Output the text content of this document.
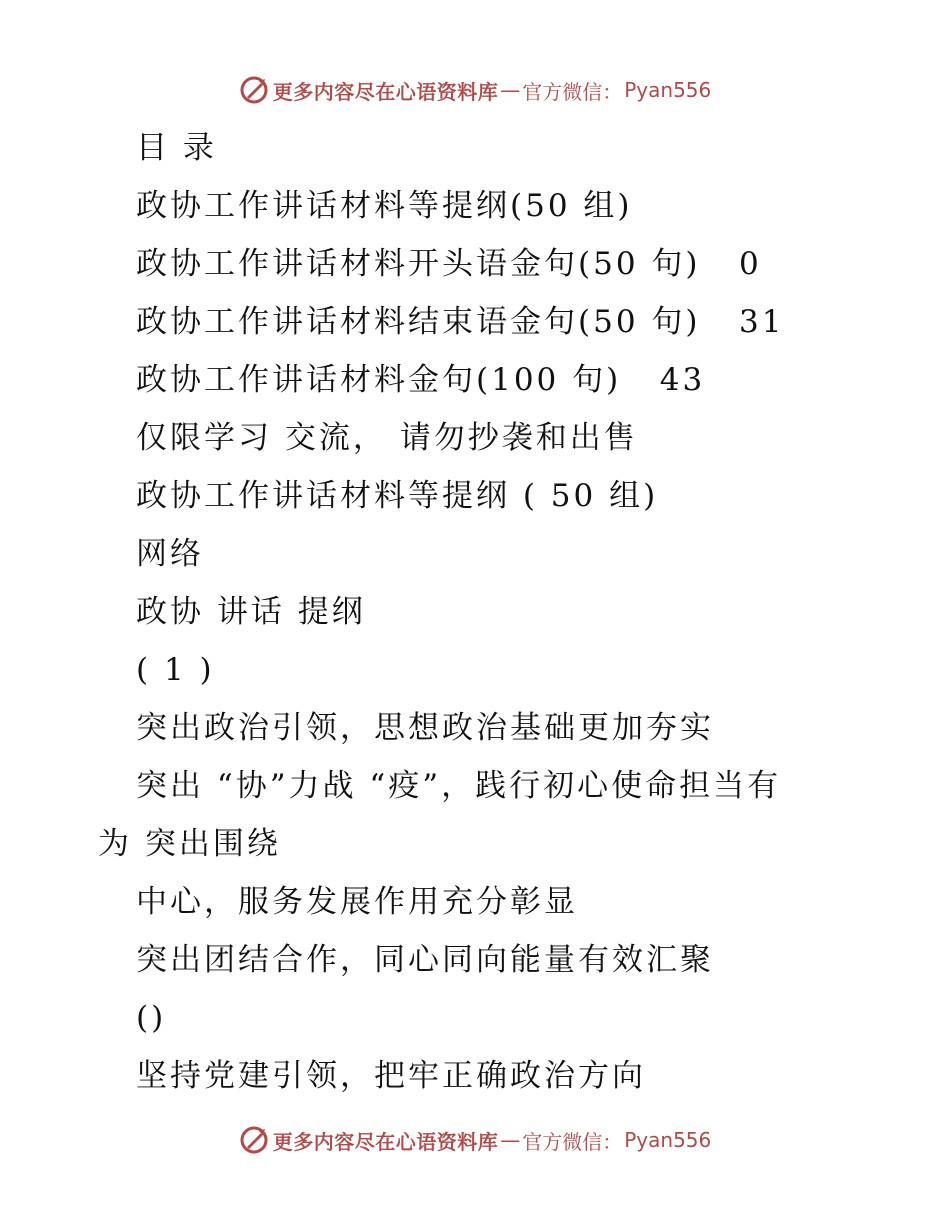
更多内容尽在心语资料库 — 官方微信： Pyan556
目 录
政协工作讲话材料等提纲(50 组)
政协工作讲话材料开头语金句(50 句)   0
政协工作讲话材料结束语金句(50 句)   31
政协工作讲话材料金句(100 句)   43
仅限学习 交流， 请勿抄袭和出售
政协工作讲话材料等提纲 ( 50 组)
网络
政协 讲话 提纲
( 1 )
突出政治引领，思想政治基础更加夯实
突出 “协”力战 “疫”，践行初心使命担当有
为 突出围绕
中心，服务发展作用充分彰显
突出团结合作，同心同向能量有效汇聚
()
坚持党建引领，把牢正确政治方向
更多内容尽在心语资料库 — 官方微信： Pyan556
